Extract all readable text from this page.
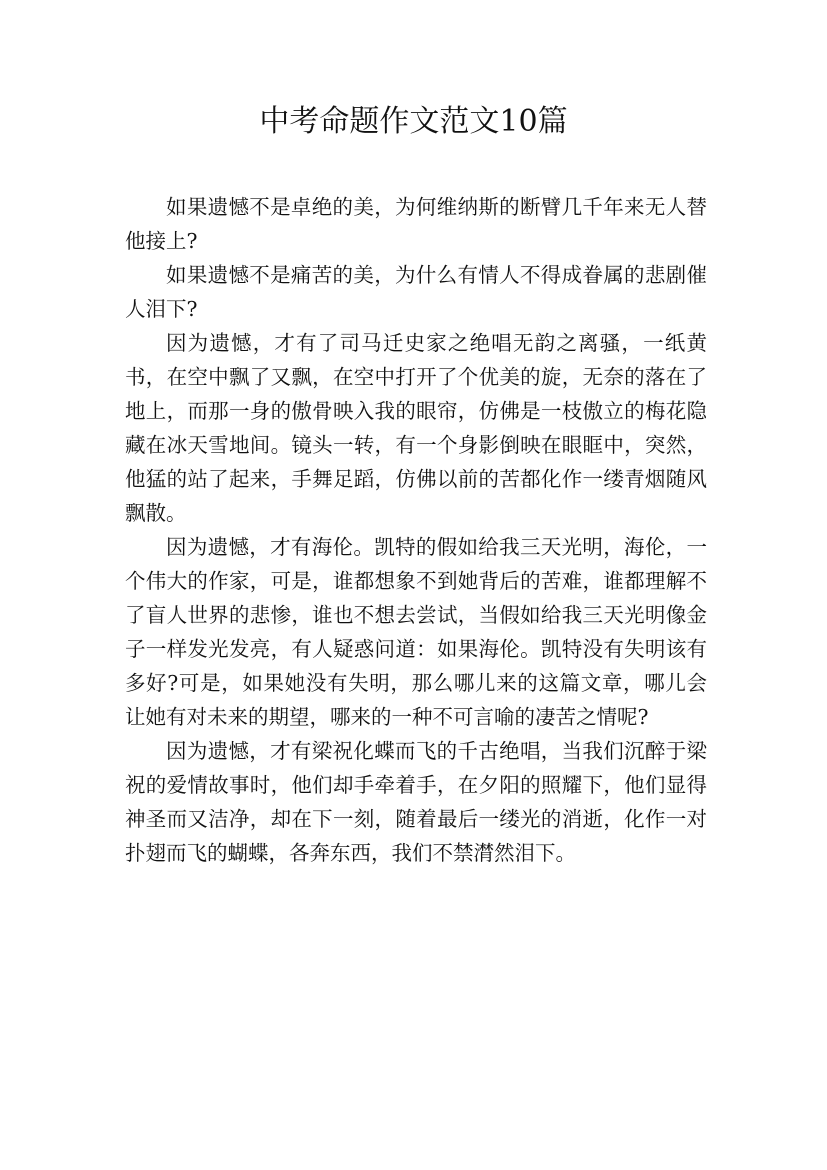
中考命题作文范文10篇

如果遗憾不是卓绝的美，为何维纳斯的断臂几千年来无人替他接上?

如果遗憾不是痛苦的美，为什么有情人不得成眷属的悲剧催人泪下?

因为遗憾，才有了司马迁史家之绝唱无韵之离骚，一纸黄书，在空中飘了又飘，在空中打开了个优美的旋，无奈的落在了地上，而那一身的傲骨映入我的眼帘，仿佛是一枝傲立的梅花隐藏在冰天雪地间。镜头一转，有一个身影倒映在眼眶中，突然，他猛的站了起来，手舞足蹈，仿佛以前的苦都化作一缕青烟随风飘散。

因为遗憾，才有海伦。凯特的假如给我三天光明，海伦，一个伟大的作家，可是，谁都想象不到她背后的苦难，谁都理解不了盲人世界的悲惨，谁也不想去尝试，当假如给我三天光明像金子一样发光发亮，有人疑惑问道：如果海伦。凯特没有失明该有多好?可是，如果她没有失明，那么哪儿来的这篇文章，哪儿会让她有对未来的期望，哪来的一种不可言喻的凄苦之情呢?

因为遗憾，才有梁祝化蝶而飞的千古绝唱，当我们沉醉于梁祝的爱情故事时，他们却手牵着手，在夕阳的照耀下，他们显得神圣而又洁净，却在下一刻，随着最后一缕光的消逝，化作一对扑翅而飞的蝴蝶，各奔东西，我们不禁潸然泪下。
